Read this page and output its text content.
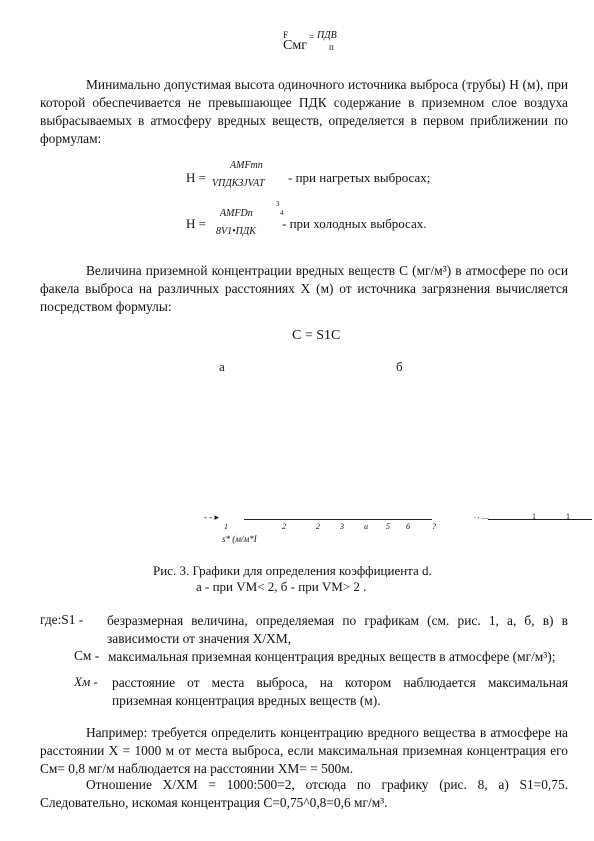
F
Cмг
= ПДВ
п
Минимально допустимая высота одиночного источника выброса (трубы) Н (м), при которой обеспечивается не превышающее ПДК содержание в приземном слое воздуха выбрасываемых в атмосферу вредных веществ, определяется в первом приближении по формулам:
Н =
AMFmn
VПДКЗJVAT - при нагретых выбросах;
3
4
Н =
AMFDn
8V1•ПДК
- при холодных выбросах.
Величина приземной концентрации вредных веществ С (мг/м³) в атмосфере по оси факела выброса на различных расстояниях X (м) от источника загрязнения вычисляется посредством формулы:
С = S1C
а	б
- - ▸
1	2	2	3	и 5 6	?
s* (м/м*I
. ‚ __	1	1
Рис. 3. Графики для определения коэффициента d.
а - при VM< 2, б - при VM> 2 .
где:S1 - безразмерная величина, определяемая по графикам (см. рис. 1, а, б, в) в зависимости от значения Х/ХМ,
См - максимальная приземная концентрация вредных веществ в атмосфере (мг/м³);
Хм - расстояние от места выброса, на котором наблюдается максимальная приземная концентрация вредных веществ (м).
Например: требуется определить концентрацию вредного вещества в атмосфере на расстоянии X = 1000 м от места выброса, если максимальная приземная концентрация его См= 0,8 мг/м наблюдается на расстоянии ХМ= = 500м.
Отношение Х/ХМ = 1000:500=2, отсюда по графику (рис. 8, а) S1=0,75. Следовательно, искомая концентрация С=0,75^0,8=0,6 мг/м³.
